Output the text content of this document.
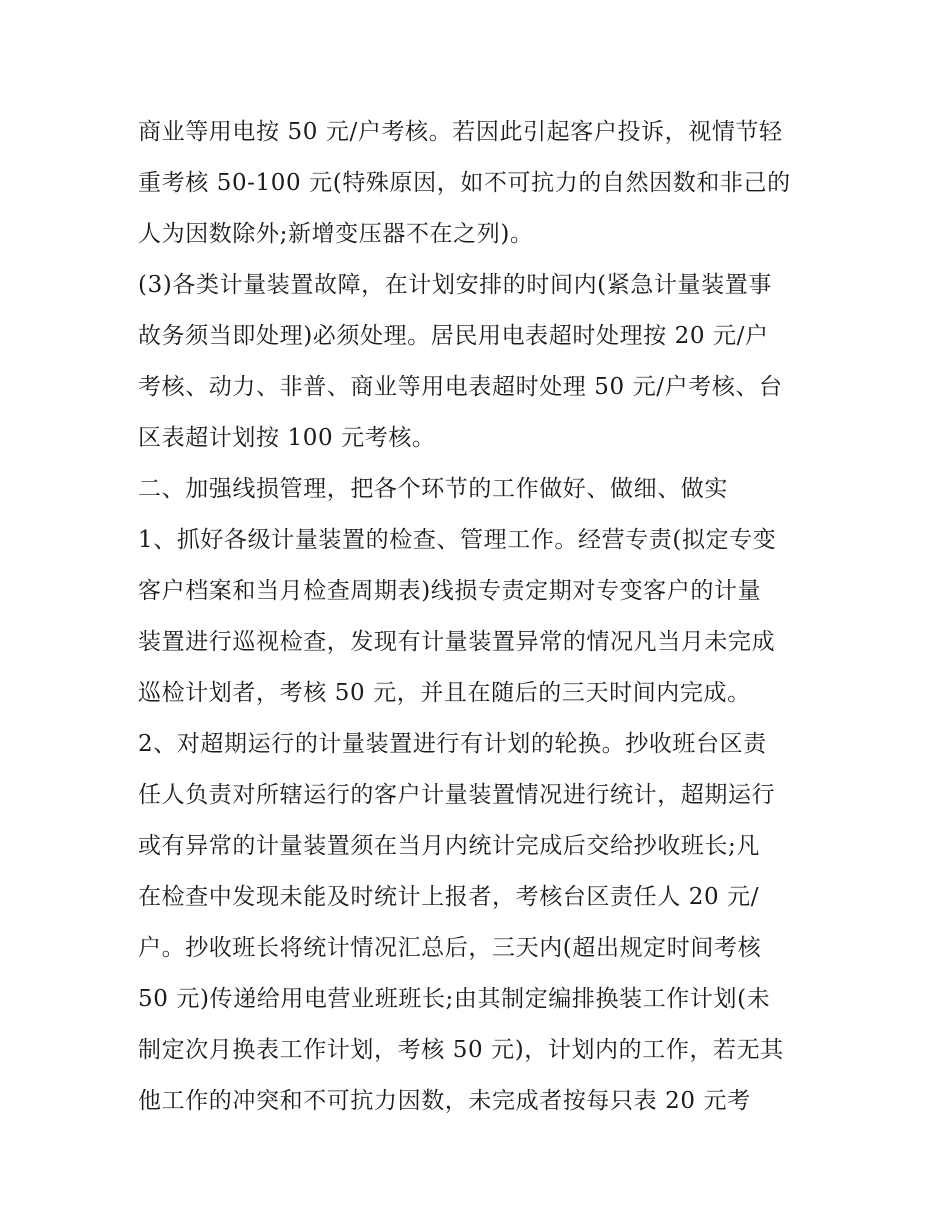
商业等用电按 50 元/户考核。若因此引起客户投诉，视情节轻
重考核 50-100 元(特殊原因，如不可抗力的自然因数和非己的
人为因数除外;新增变压器不在之列)。
(3)各类计量装置故障，在计划安排的时间内(紧急计量装置事
故务须当即处理)必须处理。居民用电表超时处理按 20 元/户
考核、动力、非普、商业等用电表超时处理 50 元/户考核、台
区表超计划按 100 元考核。
二、加强线损管理，把各个环节的工作做好、做细、做实
1、抓好各级计量装置的检查、管理工作。经营专责(拟定专变
客户档案和当月检查周期表)线损专责定期对专变客户的计量
装置进行巡视检查，发现有计量装置异常的情况凡当月未完成
巡检计划者，考核 50 元，并且在随后的三天时间内完成。
2、对超期运行的计量装置进行有计划的轮换。抄收班台区责
任人负责对所辖运行的客户计量装置情况进行统计，超期运行
或有异常的计量装置须在当月内统计完成后交给抄收班长;凡
在检查中发现未能及时统计上报者，考核台区责任人 20 元/
户。抄收班长将统计情况汇总后，三天内(超出规定时间考核
50 元)传递给用电营业班班长;由其制定编排换装工作计划(未
制定次月换表工作计划，考核 50 元)，计划内的工作，若无其
他工作的冲突和不可抗力因数，未完成者按每只表 20 元考
